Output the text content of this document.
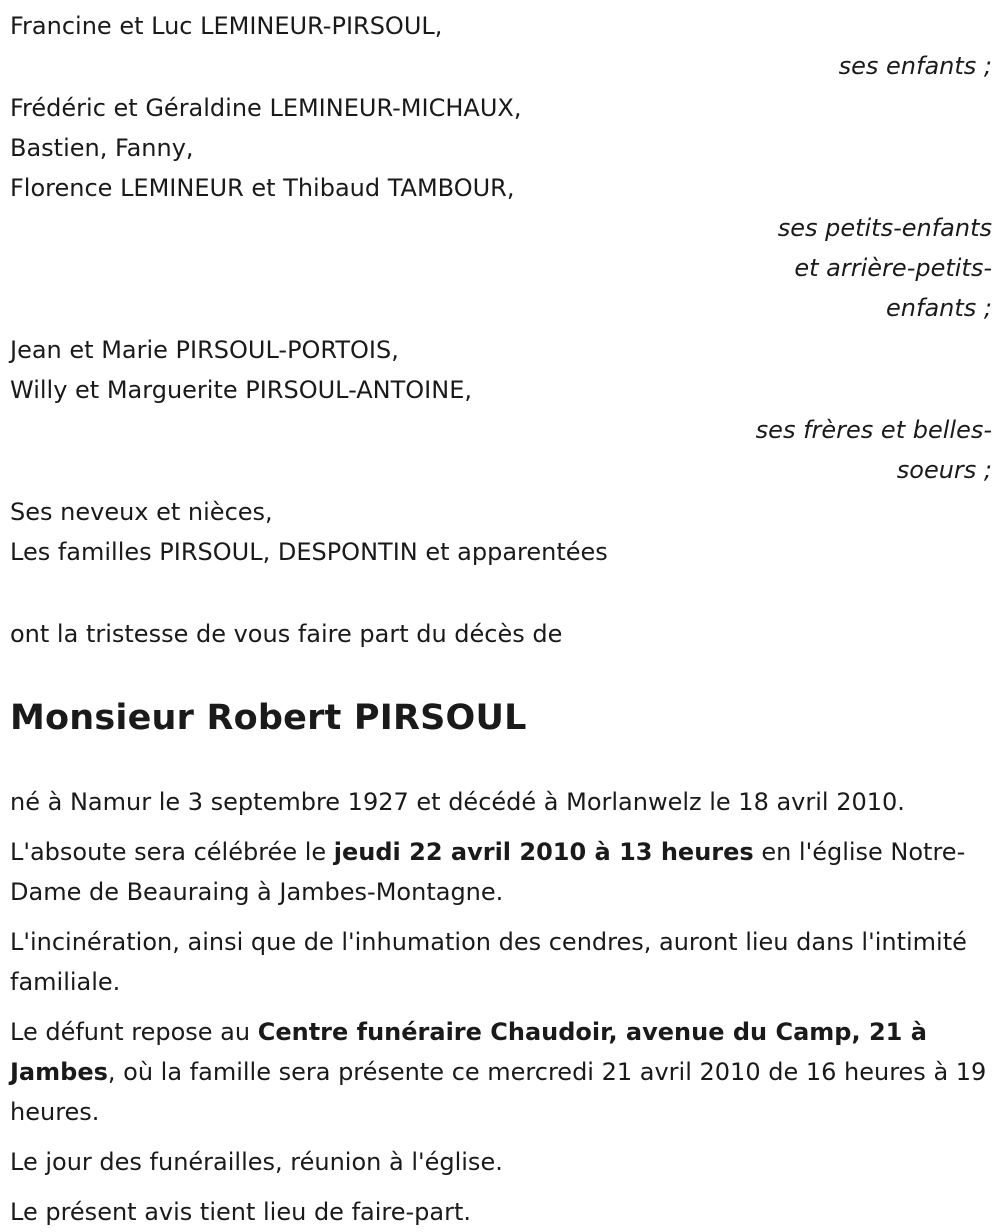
Francine et Luc LEMINEUR-PIRSOUL,
ses enfants ;
Frédéric et Géraldine LEMINEUR-MICHAUX,
Bastien, Fanny,
Florence LEMINEUR et Thibaud TAMBOUR,
ses petits-enfants
et arrière-petits-
enfants ;
Jean et Marie PIRSOUL-PORTOIS,
Willy et Marguerite PIRSOUL-ANTOINE,
ses frères et belles-
soeurs ;
Ses neveux et nièces,
Les familles PIRSOUL, DESPONTIN et apparentées
ont la tristesse de vous faire part du décès de
Monsieur Robert PIRSOUL

né à Namur le 3 septembre 1927 et décédé à Morlanwelz le 18 avril 2010.

L'absoute sera célébrée le jeudi 22 avril 2010 à 13 heures en l'église Notre-Dame de Beauraing à Jambes-Montagne.

L'incinération, ainsi que de l'inhumation des cendres, auront lieu dans l'intimité familiale.

Le défunt repose au Centre funéraire Chaudoir, avenue du Camp, 21 à Jambes, où la famille sera présente ce mercredi 21 avril 2010 de 16 heures à 19 heures.

Le jour des funérailles, réunion à l'église.

Le présent avis tient lieu de faire-part.
